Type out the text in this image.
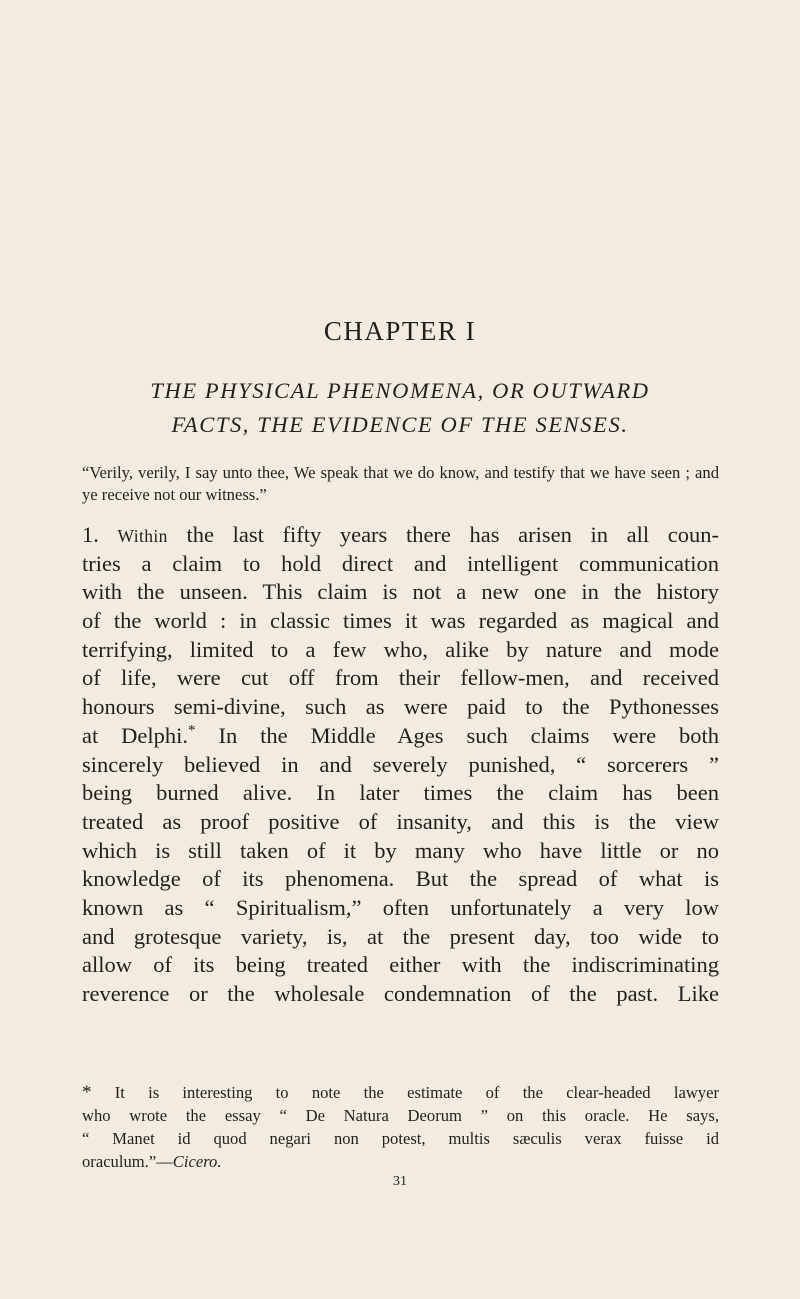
CHAPTER I
THE PHYSICAL PHENOMENA, OR OUTWARD
FACTS, THE EVIDENCE OF THE SENSES.
“Verily, verily, I say unto thee, We speak that we do know, and testify that we have seen ; and ye receive not our witness.”
1. Within the last fifty years there has arisen in all coun-
tries a claim to hold direct and intelligent communication
with the unseen. This claim is not a new one in the history
of the world : in classic times it was regarded as magical and
terrifying, limited to a few who, alike by nature and mode
of life, were cut off from their fellow-men, and received
honours semi-divine, such as were paid to the Pythonesses
at Delphi.* In the Middle Ages such claims were both
sincerely believed in and severely punished, “ sorcerers ”
being burned alive. In later times the claim has been
treated as proof positive of insanity, and this is the view
which is still taken of it by many who have little or no
knowledge of its phenomena. But the spread of what is
known as “ Spiritualism,” often unfortunately a very low
and grotesque variety, is, at the present day, too wide to
allow of its being treated either with the indiscriminating
reverence or the wholesale condemnation of the past. Like
* It is interesting to note the estimate of the clear-headed lawyer
who wrote the essay “ De Natura Deorum ” on this oracle. He says,
“ Manet id quod negari non potest, multis sæculis verax fuisse id
oraculum.”—Cicero.
31
